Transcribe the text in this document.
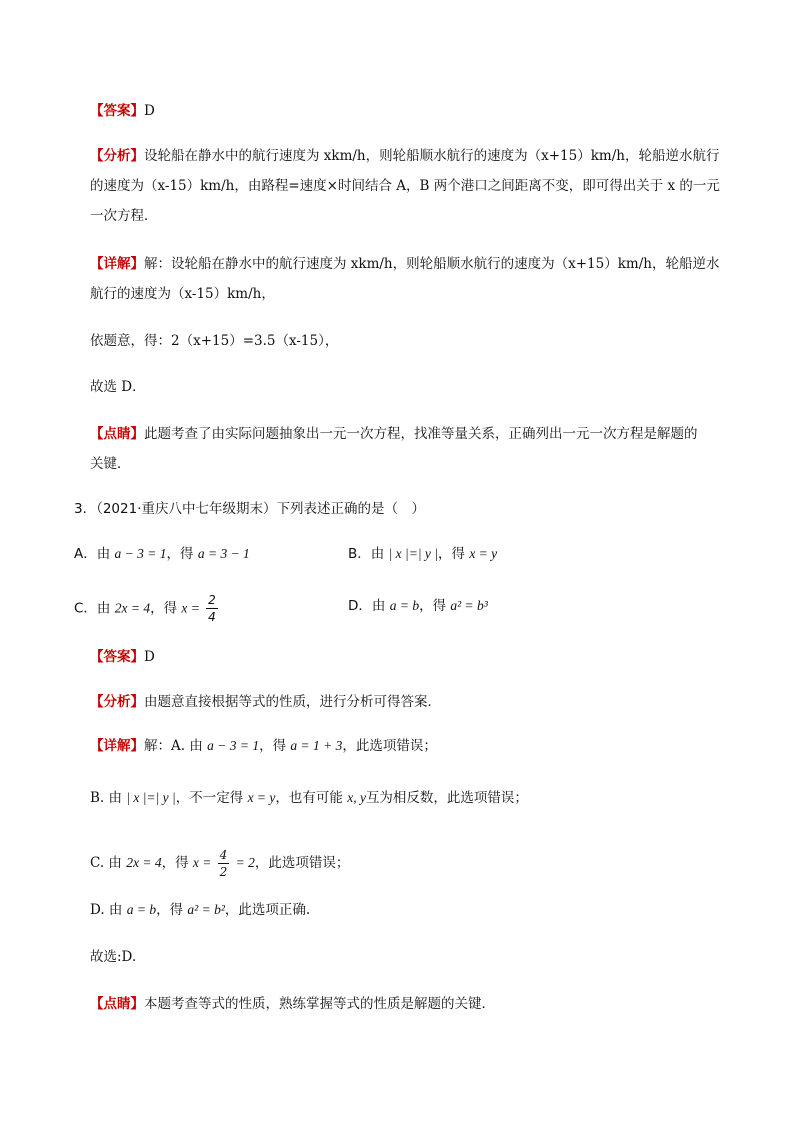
【答案】D
【分析】设轮船在静水中的航行速度为 xkm/h，则轮船顺水航行的速度为（x+15）km/h，轮船逆水航行
的速度为（x-15）km/h，由路程=速度×时间结合 A，B 两个港口之间距离不变，即可得出关于 x 的一元
一次方程．
【详解】解：设轮船在静水中的航行速度为 xkm/h，则轮船顺水航行的速度为（x+15）km/h，轮船逆水
航行的速度为（x-15）km/h，
依题意，得：2（x+15）=3.5（x-15），
故选 D．
【点睛】此题考查了由实际问题抽象出一元一次方程，找准等量关系，正确列出一元一次方程是解题的
关键．
3．（2021·重庆八中七年级期末）下列表述正确的是（　）
A．由 a − 3 = 1，得 a = 3 − 1	B．由 | x |=| y |，得 x = y
C．由 2x = 4，得 $x = \frac{2}{4}$	D．由 a = b，得 a² = b³
【答案】D
【分析】由题意直接根据等式的性质，进行分析可得答案．
【详解】解：A. 由 a − 3 = 1，得 a = 1 + 3，此选项错误；
B. 由 | x |=| y |，不一定得 x = y，也有可能 x, y互为相反数，此选项错误；
C. 由 2x = 4，得 $x = \frac{4}{2} = 2$，此选项错误；
D. 由 a = b，得 a² = b²，此选项正确.
故选:D.
【点睛】本题考查等式的性质，熟练掌握等式的性质是解题的关键．
